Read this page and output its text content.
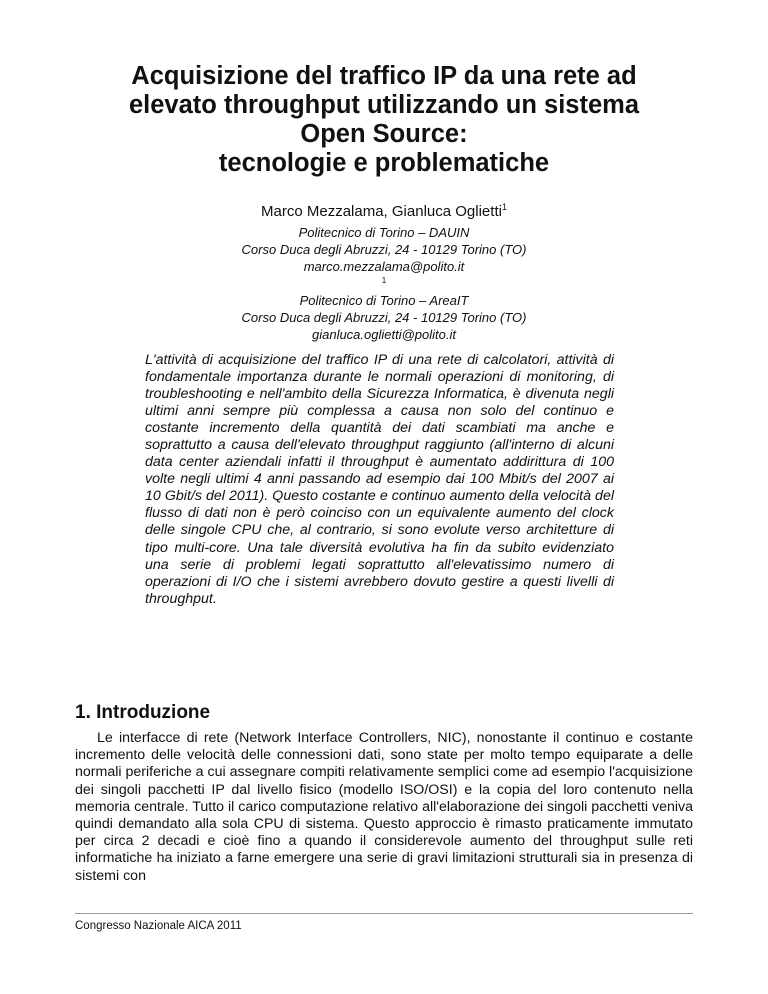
Acquisizione del traffico IP da una rete ad
elevato throughput utilizzando un sistema
Open Source:
tecnologie e problematiche
Marco Mezzalama, Gianluca Oglietti$^1$
Politecnico di Torino – DAUIN
Corso Duca degli Abruzzi, 24 - 10129 Torino (TO)
marco.mezzalama@polito.it
$^1$
Politecnico di Torino – AreaIT
Corso Duca degli Abruzzi, 24 - 10129 Torino (TO)
gianluca.oglietti@polito.it

L'attività di acquisizione del traffico IP di una rete di calcolatori, attività di fondamentale importanza durante le normali operazioni di monitoring, di troubleshooting e nell'ambito della Sicurezza Informatica, è divenuta negli ultimi anni sempre più complessa a causa non solo del continuo e costante incremento della quantità dei dati scambiati ma anche e soprattutto a causa dell'elevato throughput raggiunto (all'interno di alcuni data center aziendali infatti il throughput è aumentato addirittura di 100 volte negli ultimi 4 anni passando ad esempio dai 100 Mbit/s del 2007 ai 10 Gbit/s del 2011). Questo costante e continuo aumento della velocità del flusso di dati non è però coinciso con un equivalente aumento del clock delle singole CPU che, al contrario, si sono evolute verso architetture di tipo multi-core. Una tale diversità evolutiva ha fin da subito evidenziato una serie di problemi legati soprattutto all'elevatissimo numero di operazioni di I/O che i sistemi avrebbero dovuto gestire a questi livelli di throughput.

1. Introduzione

Le interfacce di rete (Network Interface Controllers, NIC), nonostante il continuo e costante incremento delle velocità delle connessioni dati, sono state per molto tempo equiparate a delle normali periferiche a cui assegnare compiti relativamente semplici come ad esempio l'acquisizione dei singoli pacchetti IP dal livello fisico (modello ISO/OSI) e la copia del loro contenuto nella memoria centrale. Tutto il carico computazione relativo all'elaborazione dei singoli pacchetti veniva quindi demandato alla sola CPU di sistema. Questo approccio è rimasto praticamente immutato per circa 2 decadi e cioè fino a quando il considerevole aumento del throughput sulle reti informatiche ha iniziato a farne emergere una serie di gravi limitazioni strutturali sia in presenza di sistemi con

Congresso Nazionale AICA 2011
